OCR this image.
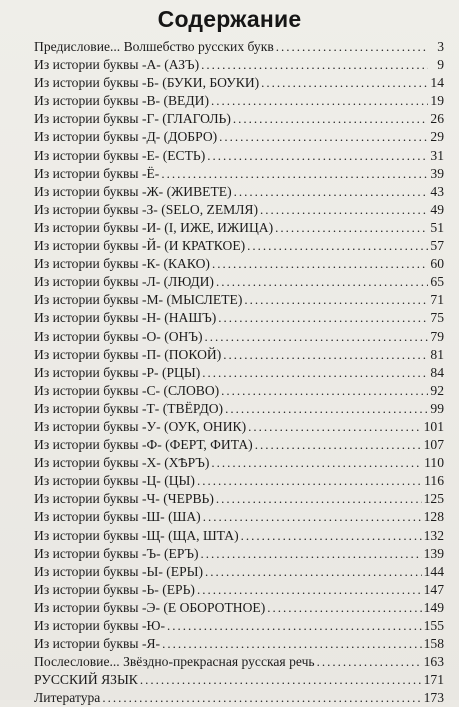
Содержание
Предисловие... Волшебство русских букв .....	3
Из истории буквы -А- (АЗЪ) .....	9
Из истории буквы -Б- (БУКИ, БОУКИ) .....	14
Из истории буквы -В- (ВЕДИ) .....	19
Из истории буквы -Г- (ГЛАГОЛЬ) .....	26
Из истории буквы -Д- (ДОБРО) .....	29
Из истории буквы -Е- (ЕСТЬ) .....	31
Из истории буквы -Ё- .....	39
Из истории буквы -Ж- (ЖИВЕТЕ) .....	43
Из истории буквы -З- (SЕLO, ZЕМЛЯ) .....	49
Из истории буквы -И- (I, ИЖЕ, ИЖИЦА) .....	51
Из истории буквы -Й- (И КРАТКОЕ) .....	57
Из истории буквы -К- (КАКО) .....	60
Из истории буквы -Л- (ЛЮДИ) .....	65
Из истории буквы -М- (МЫСЛЕТЕ) .....	71
Из истории буквы -Н- (НАШЪ) .....	75
Из истории буквы -О- (ОНЪ) .....	79
Из истории буквы -П- (ПОКОЙ) .....	81
Из истории буквы -Р- (РЦЫ) .....	84
Из истории буквы -С- (СЛОВО) .....	92
Из истории буквы -Т- (ТВЁРДО) .....	99
Из истории буквы -У- (ОУК, ОНИК) .....	101
Из истории буквы -Ф- (ФЕРТ, ФИТА) .....	107
Из истории буквы -Х- (ХѢРЪ) .....	110
Из истории буквы -Ц- (ЦЫ) .....	116
Из истории буквы -Ч- (ЧЕРВЬ) .....	125
Из истории буквы -Ш- (ША) .....	128
Из истории буквы -Щ- (ЩА, ШТА) .....	132
Из истории буквы -Ъ- (ЕРЪ) .....	139
Из истории буквы -Ы- (ЕРЫ) .....	144
Из истории буквы -Ь- (ЕРЬ) .....	147
Из истории буквы -Э- (Е ОБОРОТНОЕ) .....	149
Из истории буквы -Ю- .....	155
Из истории буквы -Я- .....	158
Послесловие... Звёздно-прекрасная русская речь .....	163
РУССКИЙ ЯЗЫК .....	171
Литература .....	173
